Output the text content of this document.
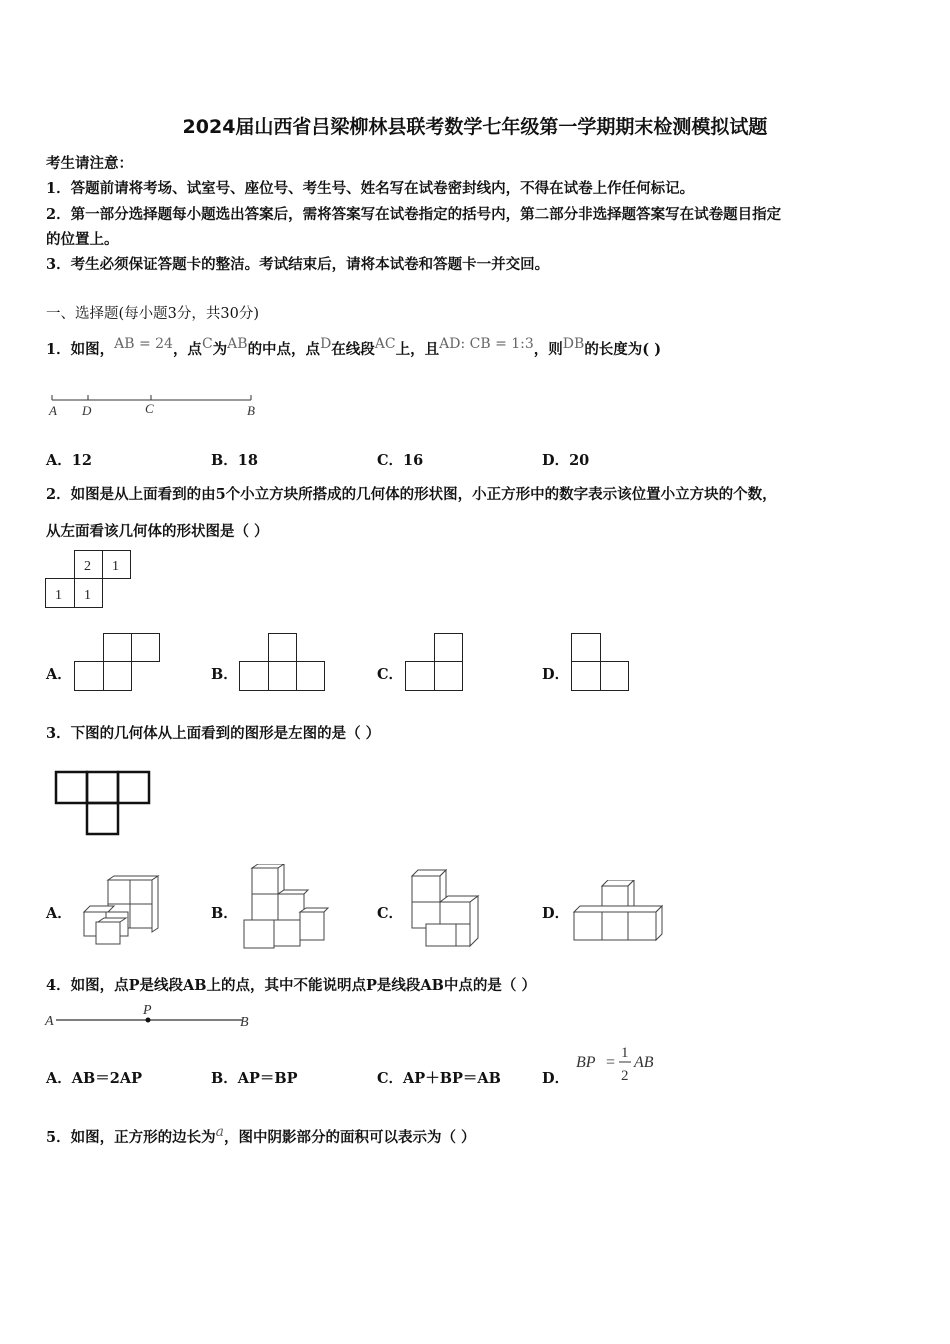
2024届山西省吕梁柳林县联考数学七年级第一学期期末检测模拟试题
考生请注意：
1．答题前请将考场、试室号、座位号、考生号、姓名写在试卷密封线内，不得在试卷上作任何标记。
2．第一部分选择题每小题选出答案后，需将答案写在试卷指定的括号内，第二部分非选择题答案写在试卷题目指定
的位置上。
3．考生必须保证答题卡的整洁。考试结束后，请将本试卷和答题卡一并交回。
一、选择题(每小题3分，共30分)
1．如图，AB = 24，点C为AB的中点，点D在线段AC上，且AD: CB = 1:3，则DB的长度为( )
A D	C	B
A．12	B．18	C．16	D．20
2．如图是从上面看到的由5个小立方块所搭成的几何体的形状图，小正方形中的数字表示该位置小立方块的个数，
从左面看该几何体的形状图是（ ）
2 1
1 1
A．	B．	C．	D．
3．下图的几何体从上面看到的图形是左图的是（ ）
A．	B．	C．	D．
4．如图，点P是线段AB上的点，其中不能说明点P是线段AB中点的是（ ）
A
P
B
A．AB＝2AP	B．AP＝BP	C．AP＋BP＝AB	D．
BP =
1
2
AB
5．如图，正方形的边长为a，图中阴影部分的面积可以表示为（ ）
